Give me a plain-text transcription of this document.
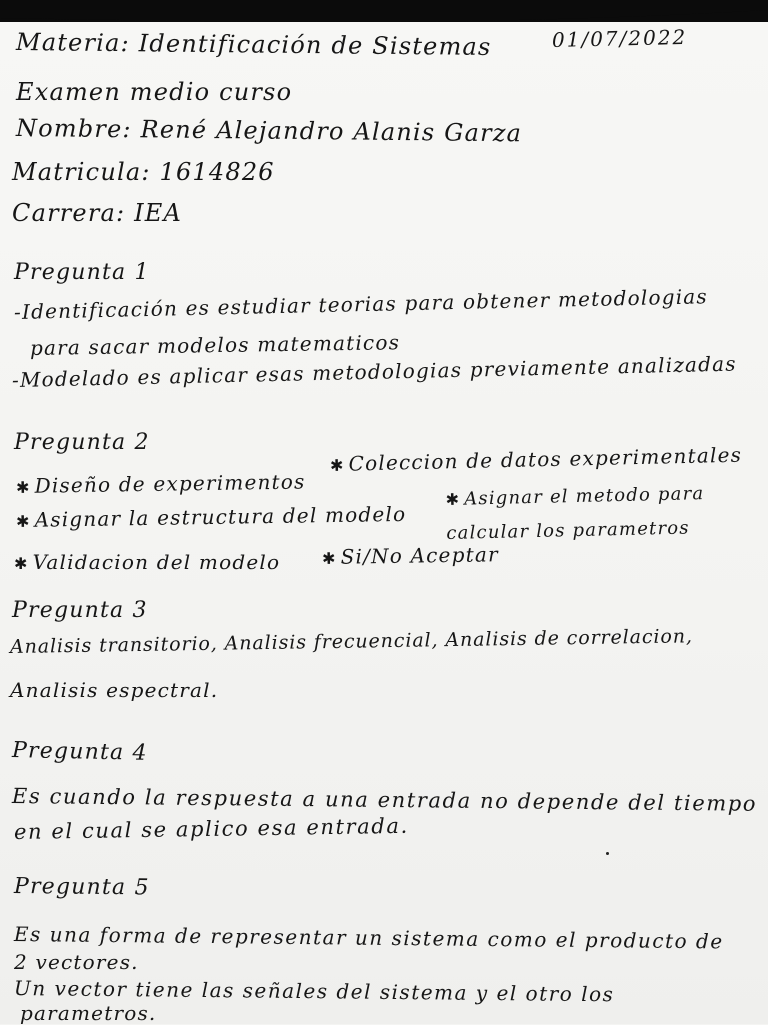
Materia: Identificación de Sistemas	01/07/2022
Examen medio curso
Nombre: René Alejandro Alanis Garza
Matricula: 1614826
Carrera: IEA
Pregunta 1
-Identificación es estudiar teorias para obtener metodologias
para sacar modelos matematicos
-Modelado es aplicar esas metodologias previamente analizadas
Pregunta 2
✱ Diseño de experimentos
✱ Coleccion de datos experimentales
✱ Asignar la estructura del modelo
✱ Asignar el metodo para calcular los parametros
✱ Validacion del modelo	✱ Si/No Aceptar
Pregunta 3
Analisis transitorio, Analisis frecuencial, Analisis de correlacion,
Analisis espectral.
Pregunta 4
Es cuando la respuesta a una entrada no depende del tiempo
en el cual se aplico esa entrada.
Pregunta 5
Es una forma de representar un sistema como el producto de
2 vectores.
Un vector tiene las señales del sistema y el otro los
parametros.
